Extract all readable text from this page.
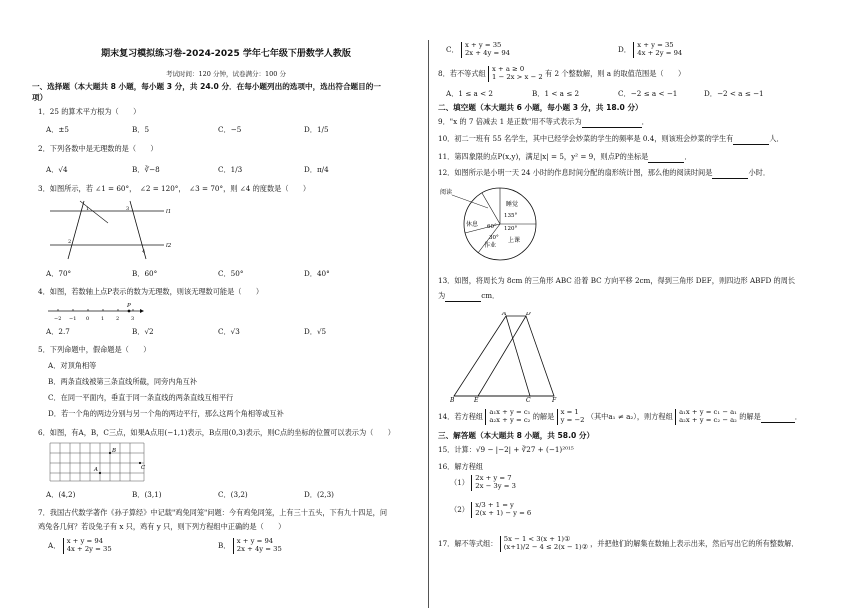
期末复习模拟练习卷-2024-2025 学年七年级下册数学人教版
考试时间：120 分钟，试卷满分：100 分
一、选择题（本大题共 8 小题，每小题 3 分，共 24.0 分．在每小题列出的选项中，选出符合题目的一
项）
1．25 的算术平方根为（　　）
A．±5	B．5	C．−5	D．1/5
2．下列各数中是无理数的是（　　）
A．√4	B．∛−8	C．1/3	D．π/4
3．如图所示，若 ∠1 = 60°，　∠2 = 120°，　∠3 = 70°，则 ∠4 的度数是（　　）
1
2
3
4
l1
l2
A．70°	B．60°	C．50°	D．40°
4．如图，若数轴上点P表示的数为无理数，则该无理数可能是（　　）
P
−2 −1 0 1 2 3
A．2.7	B．√2	C．√3	D．√5
5．下列命题中，假命题是（　　）
A．对顶角相等
B．两条直线被第三条直线所截，同旁内角互补
C．在同一平面内，垂直于同一条直线的两条直线互相平行
D．若一个角的两边分别与另一个角的两边平行，那么这两个角相等或互补
6．如图，有A，B，C三点，如果A点用(−1,1)表示，B点用(0,3)表示，则C点的坐标的位置可以表示为（　　）
B
A	C
A．(4,2)	B．(3,1)	C．(3,2)	D．(2,3)
7．我国古代数学著作《孙子算经》中记载"鸡兔同笼"问题：今有鸡兔同笼，上有三十五头，下有九十四足，问
鸡兔各几何？若设兔子有 x 只，鸡有 y 只，则下列方程组中正确的是（　　）
A． x + y = 94
4x + 2y = 35	B． x + y = 94
2x + 4y = 35
C． x + y = 35
2x + 4y = 94	D． x + y = 35
4x + 2y = 94
8．若不等式组 x + a ≥ 0
1 − 2x > x − 2 有 2 个整数解，则 a 的取值范围是（　　）
A．1 ≤ a < 2	B．1 < a ≤ 2	C．−2 ≤ a < −1	D．−2 < a ≤ −1
二、填空题（本大题共 6 小题，每小题 3 分，共 18.0 分）
9．"x 的 7 倍减去 1 是正数"用不等式表示为	．
10．初二一班有 55 名学生，其中已经学会炒菜的学生的频率是 0.4，则该班会炒菜的学生有	人．
11．第四象限的点P(x,y)，满足|x| = 5，y² = 9，则点P的坐标是	．
12．如图所示是小明一天 24 小时的作息时间分配的扇形统计图，那么他的阅读时间是	小时．
阅读
睡觉
135°
休息 60°
30°
120°
作业
上课
13．如图，将周长为 8cm 的三角形 ABC 沿着 BC 方向平移 2cm，得到三角形 DEF，则四边形 ABFD 的周长
为	cm．
A	D
B	E	C	F
14．若方程组 a₁x + y = c₁
a₂x + y = c₂ 的解是 x = 1
y = −2 （其中a₁ ≠ a₂），则方程组 a₁x + y = c₁ − a₁
a₂x + y = c₂ − a₂ 的解是	．
三、解答题（本大题共 8 小题，共 58.0 分）
15．计算：√9 − |−2| + ∛27 + (−1)²⁰¹⁵
16．解方程组
（1） 2x + y = 7
2x − 3y = 3
（2） x/3 + 1 = y
2(x + 1) − y = 6
17．解不等式组： 5x − 1 < 3(x + 1)①
(x+1)/2 − 4 ≤ 2(x − 1)② ，并把他们的解集在数轴上表示出来，然后写出它的所有整数解．
